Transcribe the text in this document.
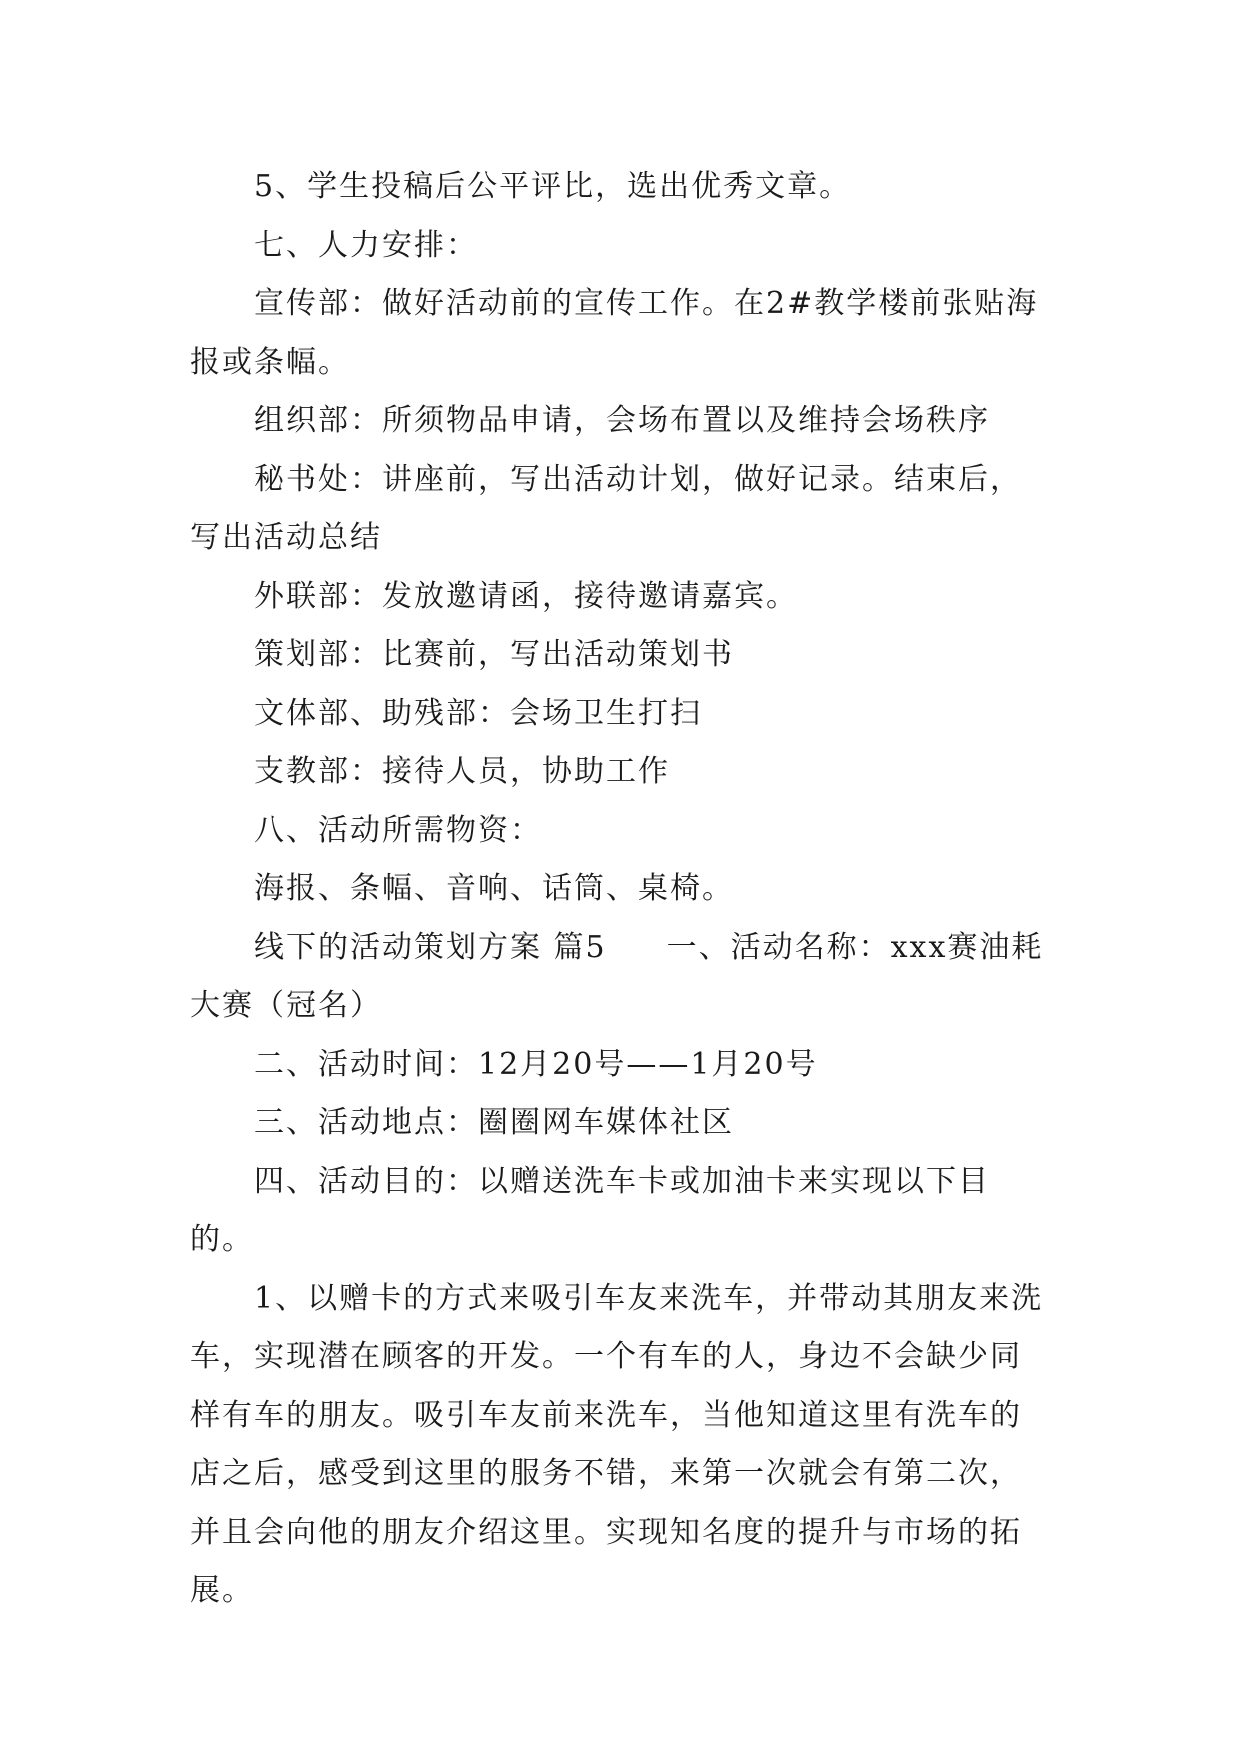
5、学生投稿后公平评比，选出优秀文章。

七、人力安排：

宣传部：做好活动前的宣传工作。在2#教学楼前张贴海报或条幅。

组织部：所须物品申请，会场布置以及维持会场秩序

秘书处：讲座前，写出活动计划，做好记录。结束后，写出活动总结

外联部：发放邀请函，接待邀请嘉宾。

策划部：比赛前，写出活动策划书

文体部、助残部：会场卫生打扫

支教部：接待人员，协助工作

八、活动所需物资：

海报、条幅、音响、话筒、桌椅。

线下的活动策划方案 篇5 一、活动名称：xxx赛油耗大赛（冠名）

二、活动时间：12月20号——1月20号

三、活动地点：圈圈网车媒体社区

四、活动目的：以赠送洗车卡或加油卡来实现以下目的。

1、以赠卡的方式来吸引车友来洗车，并带动其朋友来洗车，实现潜在顾客的开发。一个有车的人，身边不会缺少同样有车的朋友。吸引车友前来洗车，当他知道这里有洗车的店之后，感受到这里的服务不错，来第一次就会有第二次，并且会向他的朋友介绍这里。实现知名度的提升与市场的拓展。
